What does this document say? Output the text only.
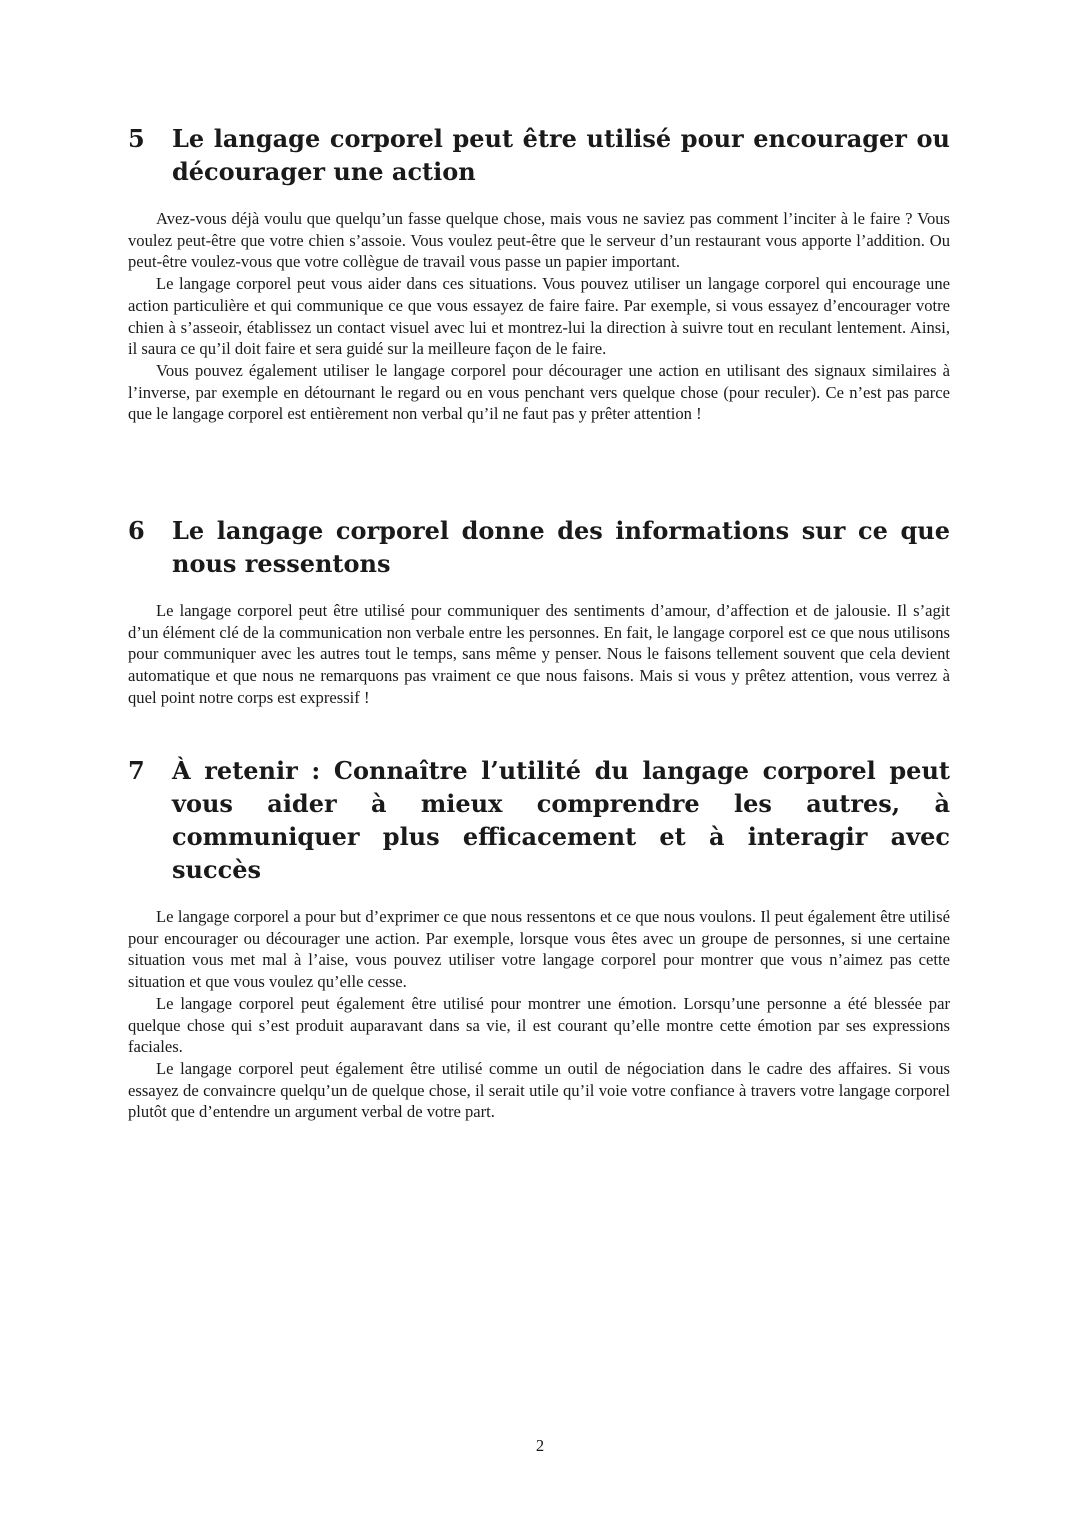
5 Le langage corporel peut être utilisé pour encourager ou décourager une action

Avez-vous déjà voulu que quelqu’un fasse quelque chose, mais vous ne saviez pas comment l’inciter à le faire ? Vous voulez peut-être que votre chien s’assoie. Vous voulez peut-être que le serveur d’un restaurant vous apporte l’addition. Ou peut-être voulez-vous que votre collègue de travail vous passe un papier important.

Le langage corporel peut vous aider dans ces situations. Vous pouvez utiliser un langage corporel qui encourage une action particulière et qui communique ce que vous essayez de faire faire. Par exemple, si vous essayez d’encourager votre chien à s’asseoir, établissez un contact visuel avec lui et montrez-lui la direction à suivre tout en reculant lentement. Ainsi, il saura ce qu’il doit faire et sera guidé sur la meilleure façon de le faire.

Vous pouvez également utiliser le langage corporel pour décourager une action en utilisant des signaux similaires à l’inverse, par exemple en détournant le regard ou en vous penchant vers quelque chose (pour reculer). Ce n’est pas parce que le langage corporel est entièrement non verbal qu’il ne faut pas y prêter attention !

6 Le langage corporel donne des informations sur ce que nous ressentons

Le langage corporel peut être utilisé pour communiquer des sentiments d’amour, d’affection et de jalousie. Il s’agit d’un élément clé de la communication non verbale entre les personnes. En fait, le langage corporel est ce que nous utilisons pour communiquer avec les autres tout le temps, sans même y penser. Nous le faisons tellement souvent que cela devient automatique et que nous ne remarquons pas vraiment ce que nous faisons. Mais si vous y prêtez attention, vous verrez à quel point notre corps est expressif !

7 À retenir : Connaître l’utilité du langage corporel peut vous aider à mieux comprendre les autres, à communiquer plus efficacement et à interagir avec succès

Le langage corporel a pour but d’exprimer ce que nous ressentons et ce que nous voulons. Il peut également être utilisé pour encourager ou décourager une action. Par exemple, lorsque vous êtes avec un groupe de personnes, si une certaine situation vous met mal à l’aise, vous pouvez utiliser votre langage corporel pour montrer que vous n’aimez pas cette situation et que vous voulez qu’elle cesse.

Le langage corporel peut également être utilisé pour montrer une émotion. Lorsqu’une personne a été blessée par quelque chose qui s’est produit auparavant dans sa vie, il est courant qu’elle montre cette émotion par ses expressions faciales.

Le langage corporel peut également être utilisé comme un outil de négociation dans le cadre des affaires. Si vous essayez de convaincre quelqu’un de quelque chose, il serait utile qu’il voie votre confiance à travers votre langage corporel plutôt que d’entendre un argument verbal de votre part.

2
